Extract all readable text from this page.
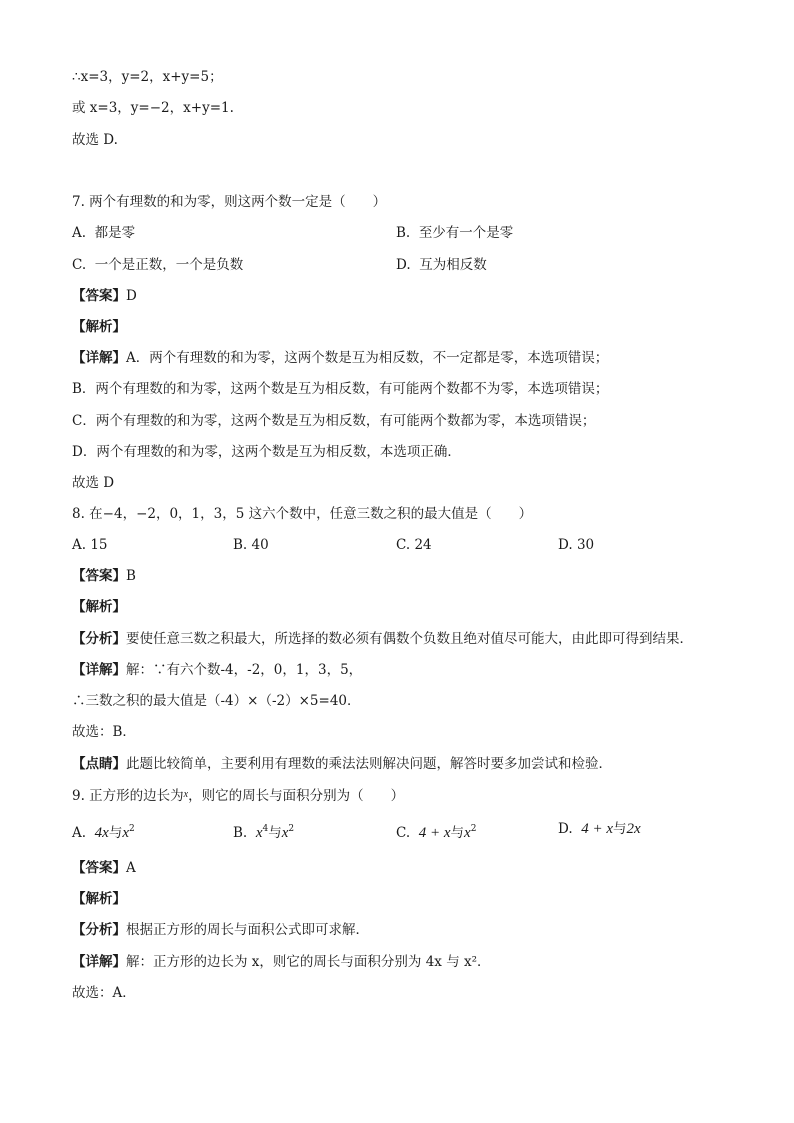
∴x=3，y=2，x+y=5；
或 x=3，y=−2，x+y=1.
故选 D.
7. 两个有理数的和为零，则这两个数一定是（　　）
A. 都是零	B. 至少有一个是零
C. 一个是正数，一个是负数	D. 互为相反数
【答案】D
【解析】
【详解】A．两个有理数的和为零，这两个数是互为相反数，不一定都是零，本选项错误；
B．两个有理数的和为零，这两个数是互为相反数，有可能两个数都不为零，本选项错误；
C．两个有理数的和为零，这两个数是互为相反数，有可能两个数都为零，本选项错误；
D．两个有理数的和为零，这两个数是互为相反数，本选项正确．
故选 D
8. 在−4，−2，0，1，3，5 这六个数中，任意三数之积的最大值是（　　）
A. 15	B. 40	C. 24	D. 30
【答案】B
【解析】
【分析】要使任意三数之积最大，所选择的数必须有偶数个负数且绝对值尽可能大，由此即可得到结果．
【详解】解：∵有六个数-4，-2，0，1，3，5，
∴三数之积的最大值是（-4）×（-2）×5=40．
故选：B．
【点睛】此题比较简单，主要利用有理数的乘法法则解决问题，解答时要多加尝试和检验．
9. 正方形的边长为$^x$，则它的周长与面积分别为（　　）
A. 4x与$x^2$	B. $x^4$与$x^2$	C. 4 + x与$x^2$	D. 4 + x与2x
【答案】A
【解析】
【分析】根据正方形的周长与面积公式即可求解．
【详解】解：正方形的边长为 x，则它的周长与面积分别为 4x 与 x²．
故选：A．
